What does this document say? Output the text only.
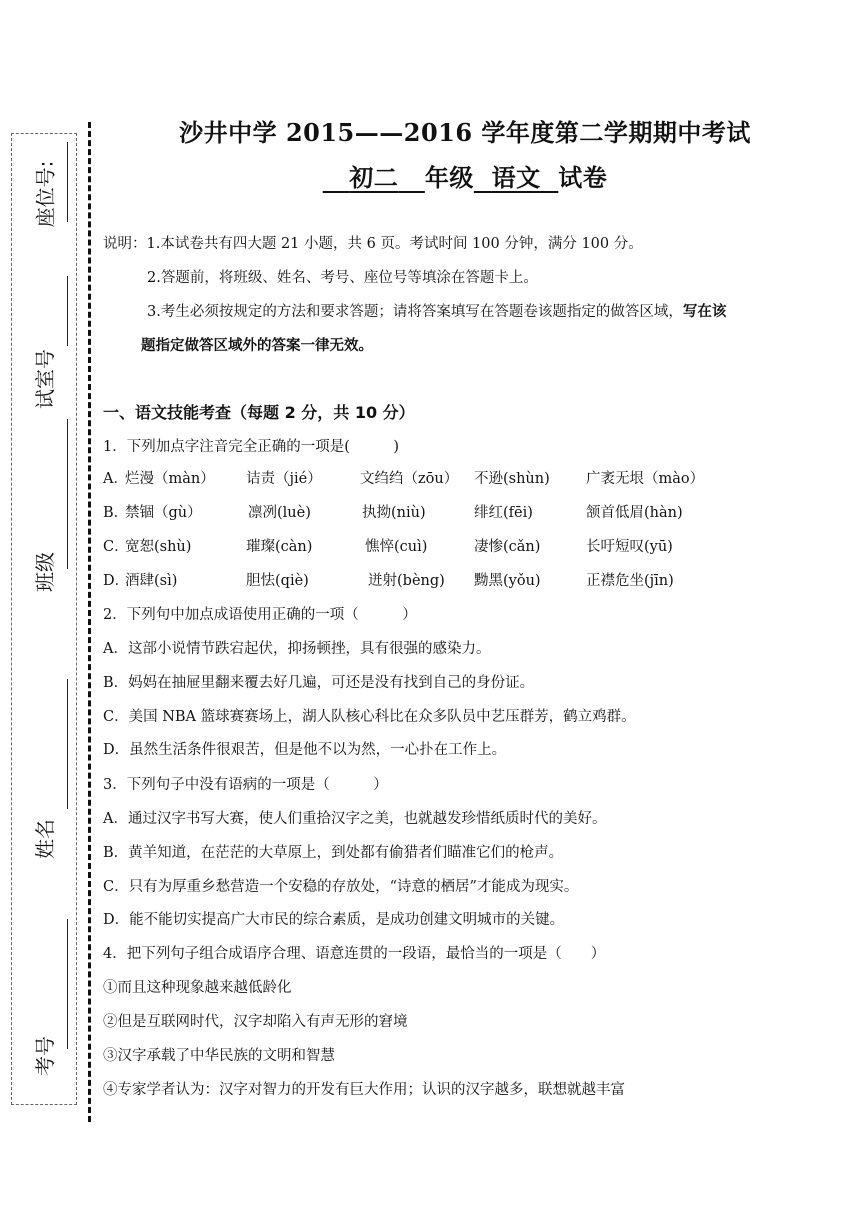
座位号:
试室号
班级
姓名
考号
沙井中学 2015——2016 学年度第二学期期中考试
初二 年级 语文 试卷
说明：1.本试卷共有四大题 21 小题，共 6 页。考试时间 100 分钟，满分 100 分。
2.答题前，将班级、姓名、考号、座位号等填涂在答题卡上。
3.考生必须按规定的方法和要求答题；请将答案填写在答题卷该题指定的做答区域，写在该
题指定做答区域外的答案一律无效。
一、语文技能考查（每题 2 分，共 10 分）
1．下列加点字注音完全正确的一项是(　　　)
A．
烂漫（màn） 诘责（jié）	文绉绉（zōu） 不逊(shùn) 广袤无垠（mào）
B．
禁锢（gù）	凛冽(luè)	执拗(niù)	绯红(fēi)	颔首低眉(hàn)
C．
宽恕(shù)	璀璨(càn)	憔悴(cuì)	凄惨(cǎn)	长吁短叹(yū)
D．
酒肆(sì)	胆怯(qiè)	迸射(bèng) 黝黑(yǒu)	正襟危坐(jīn)
2．下列句中加点成语使用正确的一项（　　　）
A．这部小说情节跌宕起伏，抑扬顿挫，具有很强的感染力。
B．妈妈在抽屉里翻来覆去好几遍，可还是没有找到自己的身份证。
C．美国 NBA 篮球赛赛场上，湖人队核心科比在众多队员中艺压群芳，鹤立鸡群。
D．虽然生活条件很艰苦，但是他不以为然，一心扑在工作上。
3．下列句子中没有语病的一项是（　　　）
A．通过汉字书写大赛，使人们重拾汉字之美，也就越发珍惜纸质时代的美好。
B．黄羊知道，在茫茫的大草原上，到处都有偷猎者们瞄准它们的枪声。
C．只有为厚重乡愁营造一个安稳的存放处，“诗意的栖居”才能成为现实。
D．能不能切实提高广大市民的综合素质，是成功创建文明城市的关键。
4．把下列句子组合成语序合理、语意连贯的一段语，最恰当的一项是（　　）
①而且这种现象越来越低龄化
②但是互联网时代，汉字却陷入有声无形的窘境
③汉字承载了中华民族的文明和智慧
④专家学者认为：汉字对智力的开发有巨大作用；认识的汉字越多，联想就越丰富
